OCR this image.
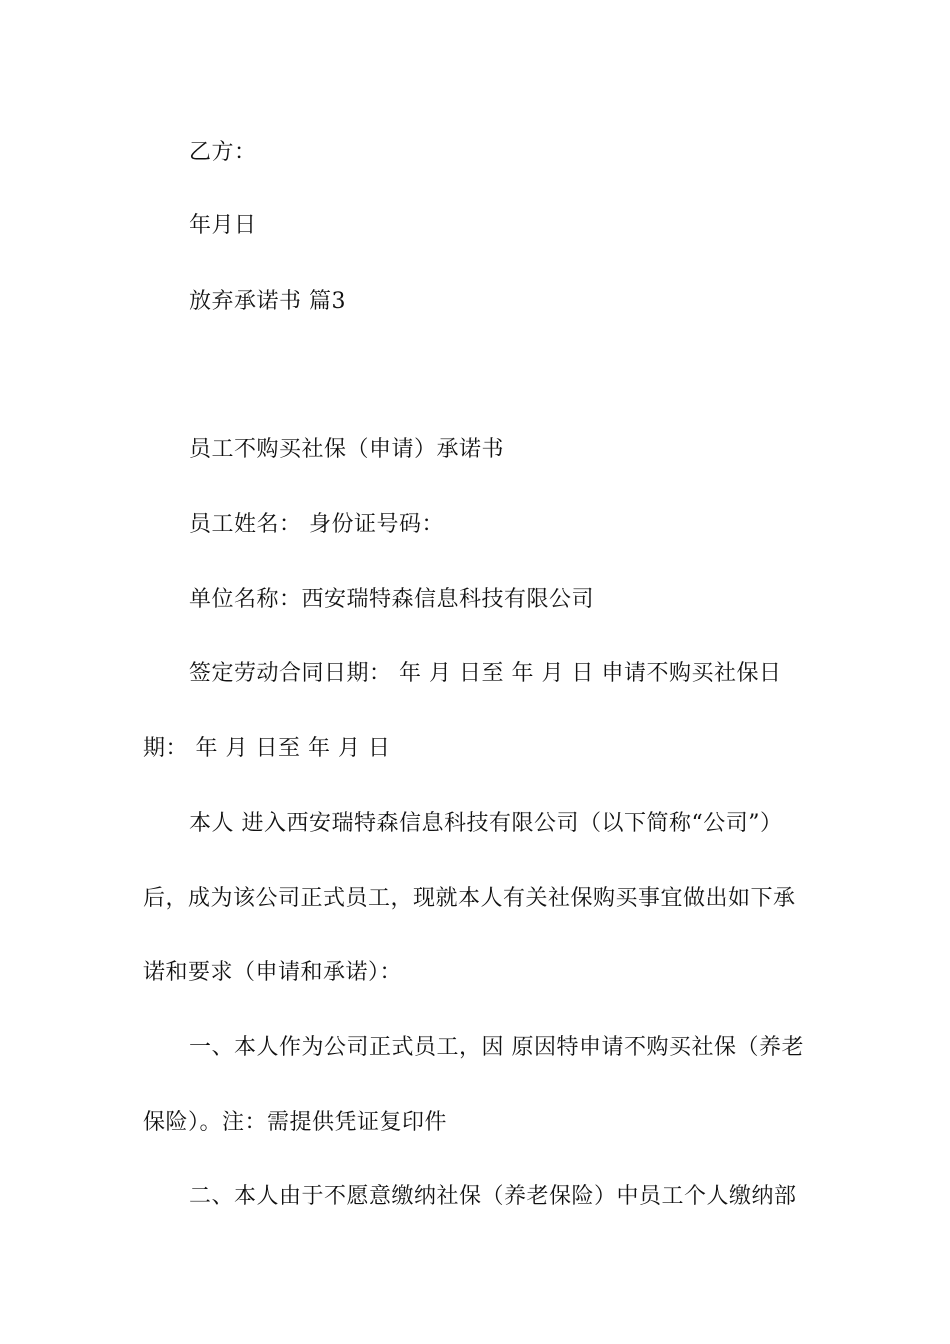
乙方：
年月日
放弃承诺书 篇3
员工不购买社保（申请）承诺书
员工姓名： 身份证号码：
单位名称：西安瑞特森信息科技有限公司
签定劳动合同日期： 年 月 日至 年 月 日 申请不购买社保日
期： 年 月 日至 年 月 日
本人 进入西安瑞特森信息科技有限公司（以下简称“公司”）
后，成为该公司正式员工，现就本人有关社保购买事宜做出如下承
诺和要求（申请和承诺）：
一、本人作为公司正式员工，因 原因特申请不购买社保（养老
保险）。注：需提供凭证复印件
二、本人由于不愿意缴纳社保（养老保险）中员工个人缴纳部
